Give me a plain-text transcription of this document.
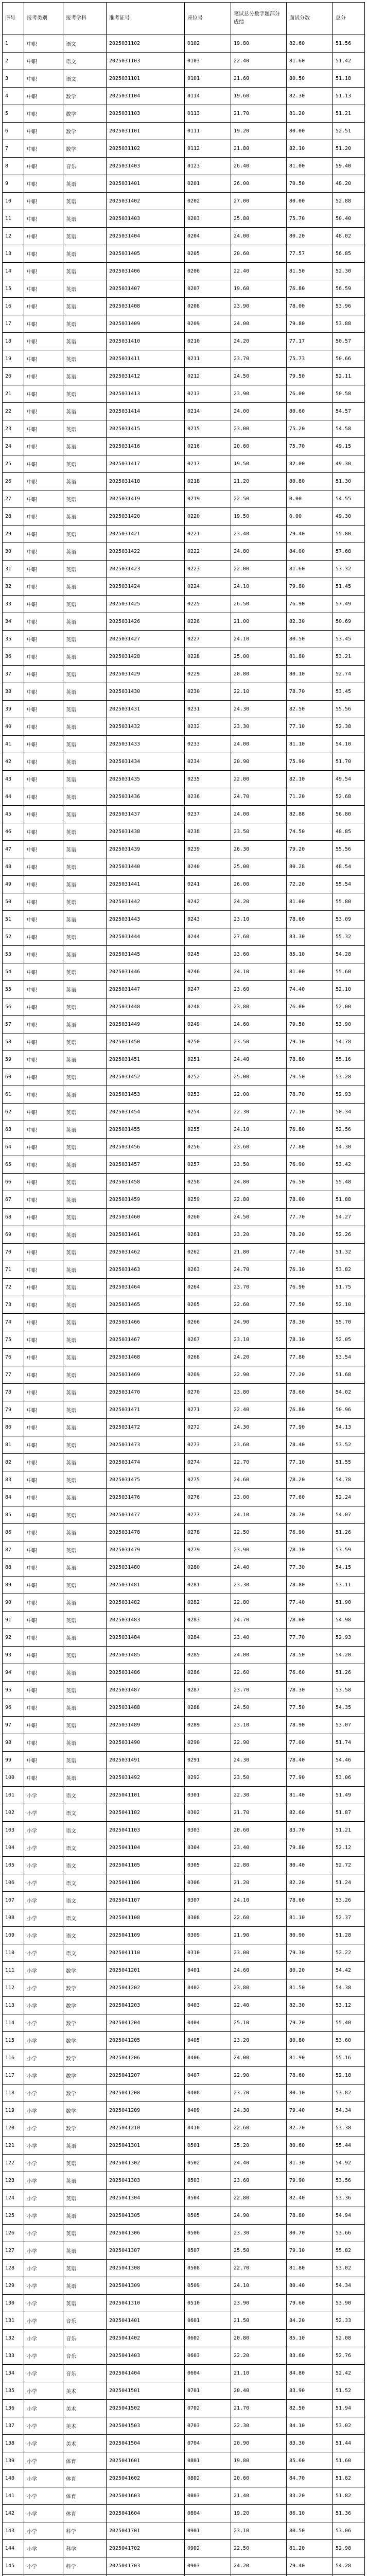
序号	报考类别	报考学科	准考证号	座位号	笔试总分数字题部分成绩	面试分数	总分
1	中职	语文	2025031102	0102	19.80	82.60	51.56
2	中职	语文	2025031103	0103	22.40	81.60	51.42
3	中职	语文	2025031101	0101	21.60	80.50	51.18
4	中职	数学	2025031104	0114	19.60	82.30	51.13
5	中职	数学	2025031103	0113	21.70	81.20	51.21
6	中职	数学	2025031101	0111	19.20	80.00	52.51
7	中职	数学	2025031102	0112	21.80	82.10	51.20
8	中职	音乐	2025031403	0123	26.40	81.00	59.40
9	中职	英语	2025031401	0201	26.00	70.50	48.20
10	中职	英语	2025031402	0202	27.00	80.00	52.88
11	中职	英语	2025031403	0203	25.80	75.70	50.40
12	中职	英语	2025031404	0204	24.00	80.20	48.02
13	中职	英语	2025031405	0205	20.60	77.57	56.85
14	中职	英语	2025031406	0206	22.40	81.50	52.30
15	中职	英语	2025031407	0207	19.60	76.80	56.59
16	中职	英语	2025031408	0208	23.90	78.00	53.96
17	中职	英语	2025031409	0209	24.00	79.80	53.88
18	中职	英语	2025031410	0210	24.20	77.17	50.57
19	中职	英语	2025031411	0211	23.70	75.73	50.66
20	中职	英语	2025031412	0212	24.50	79.50	52.11
21	中职	英语	2025031413	0213	23.90	76.00	50.58
22	中职	英语	2025031414	0214	24.00	80.60	54.57
23	中职	英语	2025031415	0215	23.00	75.20	54.58
24	中职	英语	2025031416	0216	20.60	75.70	49.15
25	中职	英语	2025031417	0217	19.50	82.00	49.30
26	中职	英语	2025031418	0218	21.20	80.80	51.30
27	中职	英语	2025031419	0219	22.50	0.00	54.55
28	中职	英语	2025031420	0220	19.50	0.00	49.30
29	中职	英语	2025031421	0221	23.40	79.40	55.80
30	中职	英语	2025031422	0222	24.80	84.00	57.68
31	中职	英语	2025031423	0223	22.00	81.60	53.32
32	中职	英语	2025031424	0224	24.10	79.80	51.45
33	中职	英语	2025031425	0225	26.50	76.90	57.49
34	中职	英语	2025031426	0226	21.00	82.30	50.69
35	中职	英语	2025031427	0227	24.10	80.50	53.45
36	中职	英语	2025031428	0228	25.00	81.80	53.21
37	中职	英语	2025031429	0229	20.80	80.10	52.74
38	中职	英语	2025031430	0230	22.10	78.70	53.45
39	中职	英语	2025031431	0231	24.30	82.50	55.56
40	中职	英语	2025031432	0232	23.30	77.10	52.38
41	中职	英语	2025031433	0233	24.00	81.10	54.10
42	中职	英语	2025031434	0234	20.90	75.90	51.70
43	中职	英语	2025031435	0235	22.00	82.10	49.54
44	中职	英语	2025031436	0236	24.70	71.20	52.68
45	中职	英语	2025031437	0237	24.00	82.88	56.80
46	中职	英语	2025031438	0238	23.50	74.50	48.85
47	中职	英语	2025031439	0239	26.30	79.20	55.56
48	中职	英语	2025031440	0240	25.00	80.28	48.54
49	中职	英语	2025031441	0241	26.00	72.20	55.54
50	中职	英语	2025031442	0242	24.20	81.00	55.80
51	中职	英语	2025031443	0243	23.10	78.60	53.09
52	中职	英语	2025031444	0244	27.60	83.30	55.32
53	中职	英语	2025031445	0245	23.60	85.10	54.28
54	中职	英语	2025031446	0246	24.10	81.00	55.60
55	中职	英语	2025031447	0247	23.60	74.40	52.10
56	中职	英语	2025031448	0248	23.80	76.00	52.00
57	中职	英语	2025031449	0249	24.60	79.50	53.90
58	中职	英语	2025031450	0250	23.50	79.10	54.78
59	中职	英语	2025031451	0251	24.40	78.80	55.16
60	中职	英语	2025031452	0252	25.00	79.50	53.28
61	中职	英语	2025031453	0253	22.00	78.70	52.93
62	中职	英语	2025031454	0254	22.30	77.10	50.34
63	中职	英语	2025031455	0255	24.10	76.80	52.56
64	中职	英语	2025031456	0256	23.60	77.80	54.30
65	中职	英语	2025031457	0257	23.50	76.90	53.42
66	中职	英语	2025031458	0258	24.80	76.50	55.48
67	中职	英语	2025031459	0259	22.80	78.00	51.88
68	中职	英语	2025031460	0260	24.50	77.70	54.27
69	中职	英语	2025031461	0261	23.20	78.20	52.26
70	中职	英语	2025031462	0262	21.80	77.40	51.32
71	中职	英语	2025031463	0263	24.70	76.10	53.82
72	中职	英语	2025031464	0264	23.70	76.90	51.75
73	中职	英语	2025031465	0265	22.60	77.50	52.10
74	中职	英语	2025031466	0266	24.90	78.30	55.70
75	中职	英语	2025031467	0267	23.10	78.10	52.05
76	中职	英语	2025031468	0268	24.20	77.80	53.54
77	中职	英语	2025031469	0269	22.90	77.20	51.68
78	中职	英语	2025031470	0270	23.80	78.60	54.02
79	中职	英语	2025031471	0271	22.40	76.80	50.96
80	中职	英语	2025031472	0272	24.30	77.90	54.13
81	中职	英语	2025031473	0273	23.60	78.40	53.52
82	中职	英语	2025031474	0274	22.70	77.10	51.55
83	中职	英语	2025031475	0275	24.60	78.20	54.78
84	中职	英语	2025031476	0276	23.00	77.60	52.24
85	中职	英语	2025031477	0277	24.10	78.70	54.07
86	中职	英语	2025031478	0278	22.50	76.90	51.26
87	中职	英语	2025031479	0279	23.90	78.10	53.59
88	中职	英语	2025031480	0280	24.40	77.30	54.15
89	中职	英语	2025031481	0281	23.30	78.80	53.11
90	中职	英语	2025031482	0282	22.80	77.40	51.90
91	中职	英语	2025031483	0283	24.70	78.00	54.98
92	中职	英语	2025031484	0284	23.40	77.70	52.93
93	中职	英语	2025031485	0285	24.00	78.50	54.20
94	中职	英语	2025031486	0286	22.60	76.60	51.26
95	中职	英语	2025031487	0287	23.70	78.30	53.58
96	中职	英语	2025031488	0288	24.50	77.50	54.35
97	中职	英语	2025031489	0289	23.10	78.90	53.07
98	中职	英语	2025031490	0290	22.90	77.00	51.74
99	中职	英语	2025031491	0291	24.30	78.40	54.46
100	中职	英语	2025031492	0292	23.50	77.90	53.06
101	小学	语文	2025041101	0301	22.30	81.40	51.49
102	小学	语文	2025041102	0302	21.70	82.60	51.87
103	小学	语文	2025041103	0303	20.60	83.70	51.21
104	小学	语文	2025041104	0304	23.40	79.80	52.12
105	小学	语文	2025041105	0305	22.80	80.40	52.72
106	小学	语文	2025041106	0306	21.20	82.20	51.24
107	小学	语文	2025041107	0307	24.10	78.60	53.26
108	小学	语文	2025041108	0308	22.60	81.10	52.37
109	小学	语文	2025041109	0309	21.90	80.90	51.28
110	小学	语文	2025041110	0310	23.00	79.30	52.22
111	小学	数学	2025041201	0401	24.60	80.20	54.42
112	小学	数学	2025041202	0402	23.80	81.50	54.38
113	小学	数学	2025041203	0403	22.40	82.30	53.12
114	小学	数学	2025041204	0404	25.10	79.70	55.40
115	小学	数学	2025041205	0405	23.20	80.80	53.60
116	小学	数学	2025041206	0406	24.00	81.90	55.16
117	小学	数学	2025041207	0407	22.90	78.60	52.18
118	小学	数学	2025041208	0408	23.70	80.10	53.82
119	小学	数学	2025041209	0409	24.30	79.40	54.34
120	小学	数学	2025041210	0410	22.60	82.70	53.38
121	小学	英语	2025041301	0501	25.20	80.60	55.44
122	小学	英语	2025041302	0502	24.40	81.30	54.92
123	小学	英语	2025041303	0503	23.60	79.90	53.56
124	小学	英语	2025041304	0504	22.80	82.40	53.36
125	小学	英语	2025041305	0505	24.90	78.80	54.94
126	小学	英语	2025041306	0506	23.30	80.70	53.66
127	小学	英语	2025041307	0507	25.50	79.10	55.82
128	小学	英语	2025041308	0508	22.70	81.80	53.02
129	小学	英语	2025041309	0509	24.10	80.40	54.34
130	小学	英语	2025041310	0510	23.90	79.60	53.90
131	小学	音乐	2025041401	0601	21.50	84.20	52.33
132	小学	音乐	2025041402	0602	20.80	85.10	52.08
133	小学	音乐	2025041403	0603	22.20	83.60	52.76
134	小学	音乐	2025041404	0604	21.10	84.80	52.42
135	小学	美术	2025041501	0701	20.40	83.90	51.52
136	小学	美术	2025041502	0702	21.70	82.50	51.94
137	小学	美术	2025041503	0703	22.30	84.10	53.02
138	小学	美术	2025041504	0704	20.90	83.30	51.44
139	小学	体育	2025041601	0801	19.80	85.60	51.60
140	小学	体育	2025041602	0802	20.60	84.70	51.82
141	小学	体育	2025041603	0803	21.40	83.20	51.82
142	小学	体育	2025041604	0804	19.20	86.10	51.36
143	小学	科学	2025041701	0901	23.10	80.50	53.06
144	小学	科学	2025041702	0902	22.50	81.20	52.98
145	小学	科学	2025041703	0903	24.20	79.40	54.28
